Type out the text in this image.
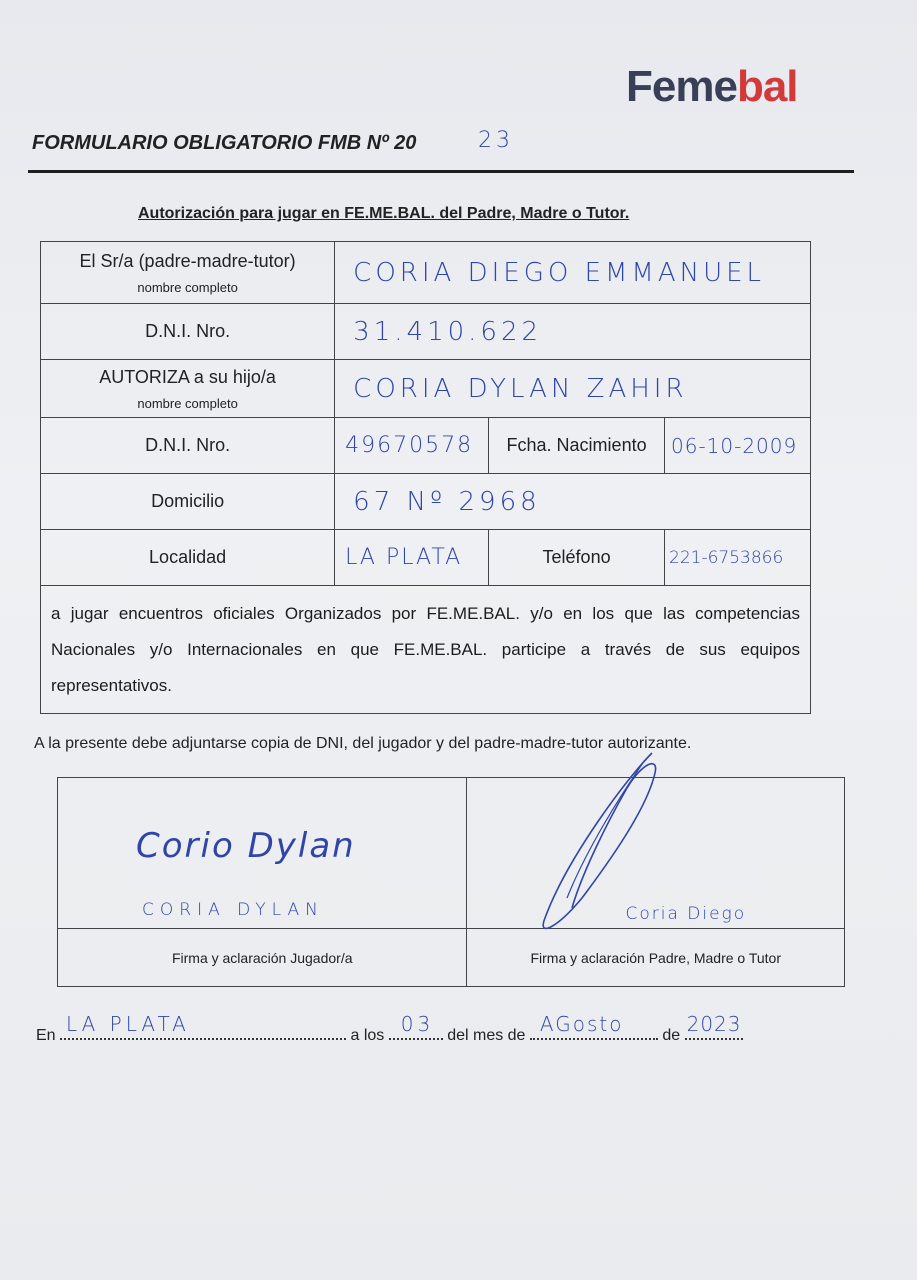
Femebal
FORMULARIO OBLIGATORIO FMB Nº 20	23
Autorización para jugar en FE.ME.BAL. del Padre, Madre o Tutor.
El Sr/a (padre-madre-tutor)
nombre completo	CORIA DIEGO EMMANUEL		
D.N.I. Nro.	31.410.622		
AUTORIZA a su hijo/a
nombre completo	CORIA DYLAN ZAHIR		
D.N.I. Nro.	49670578	Fcha. Nacimiento	06-10-2009
Domicilio	67 Nº 2968		
Localidad	LA PLATA	Teléfono	221-6753866
a jugar encuentros oficiales Organizados por FE.ME.BAL. y/o en los que las competencias Nacionales y/o Internacionales en que FE.ME.BAL. participe a través de sus equipos representativos.			
A la presente debe adjuntarse copia de DNI, del jugador y del padre-madre-tutor autorizante.
Corio Dylan
CORIA DYLAN	Coria Diego

Firma y aclaración Jugador/a	Firma y aclaración Padre, Madre o Tutor
En LA PLATA	a los 03 del mes de AGosto de 2023
